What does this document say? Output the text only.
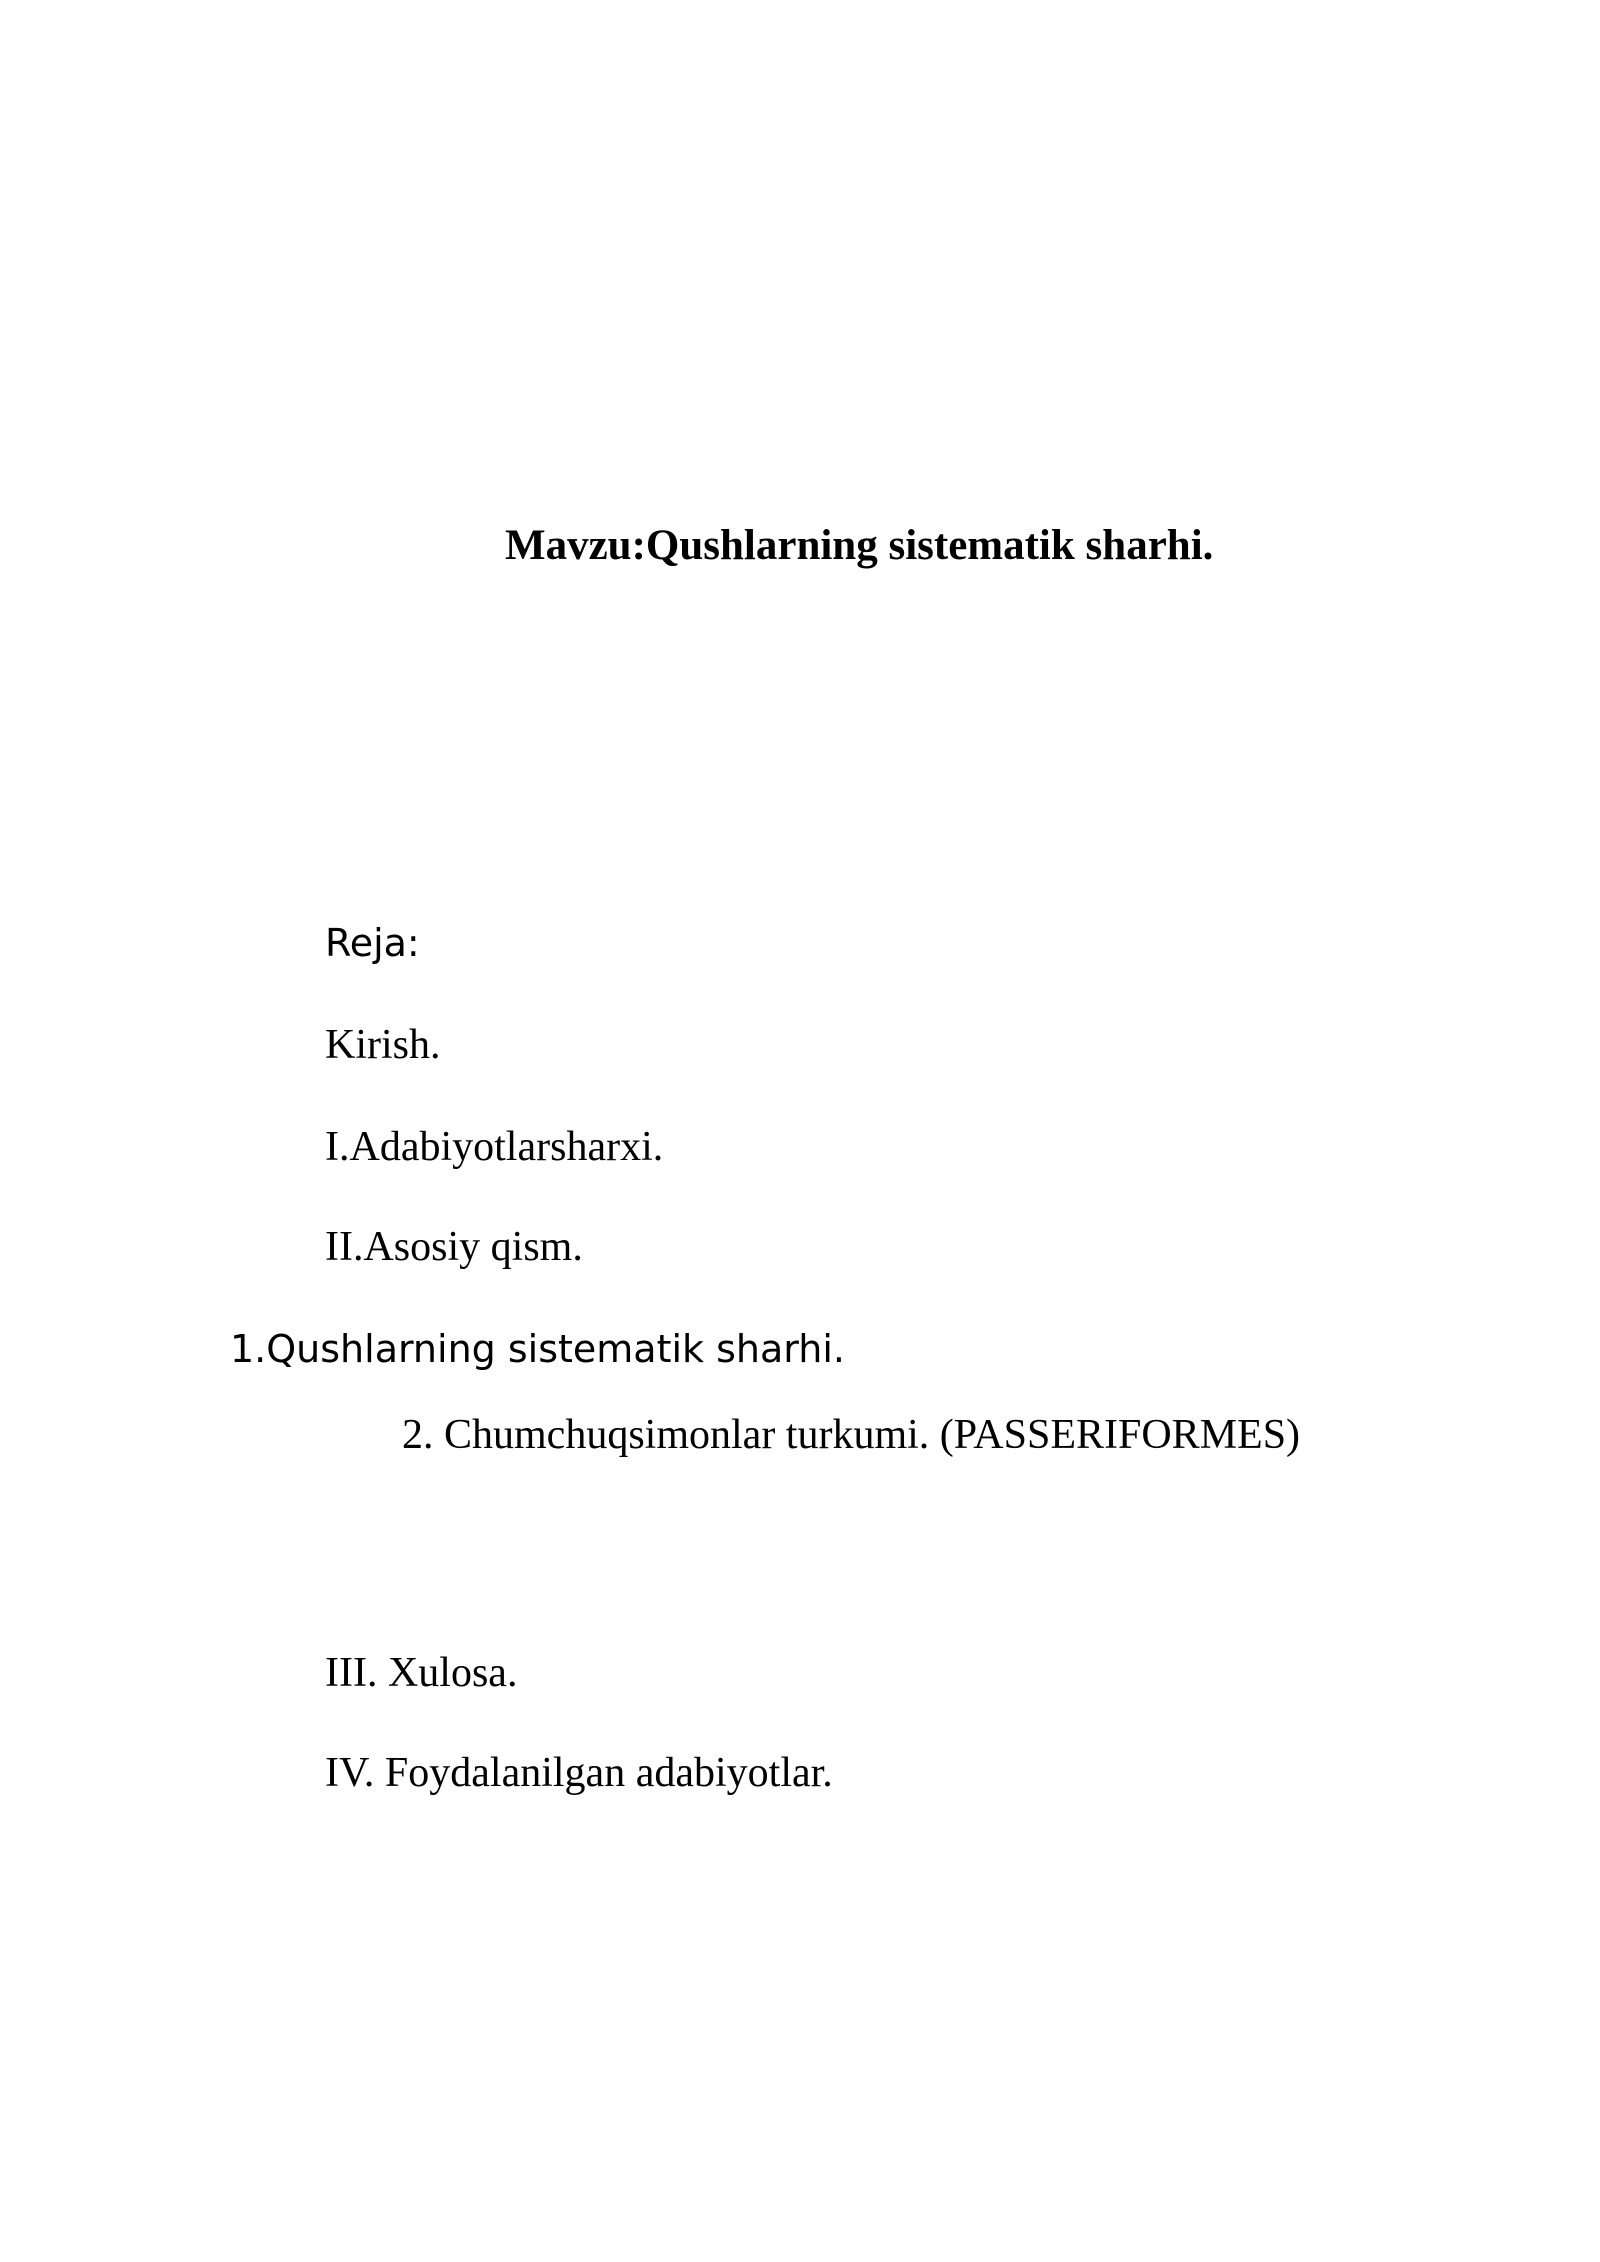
Mavzu:Qushlarning sistematik sharhi.
Reja:
Kirish.
I.Adabiyotlarsharxi.
II.Asosiy qism.
1.Qushlarning sistematik sharhi.
2. Chumchuqsimonlar turkumi. (PASSERIFORMES)
III. Xulosa.
IV. Foydalanilgan adabiyotlar.
